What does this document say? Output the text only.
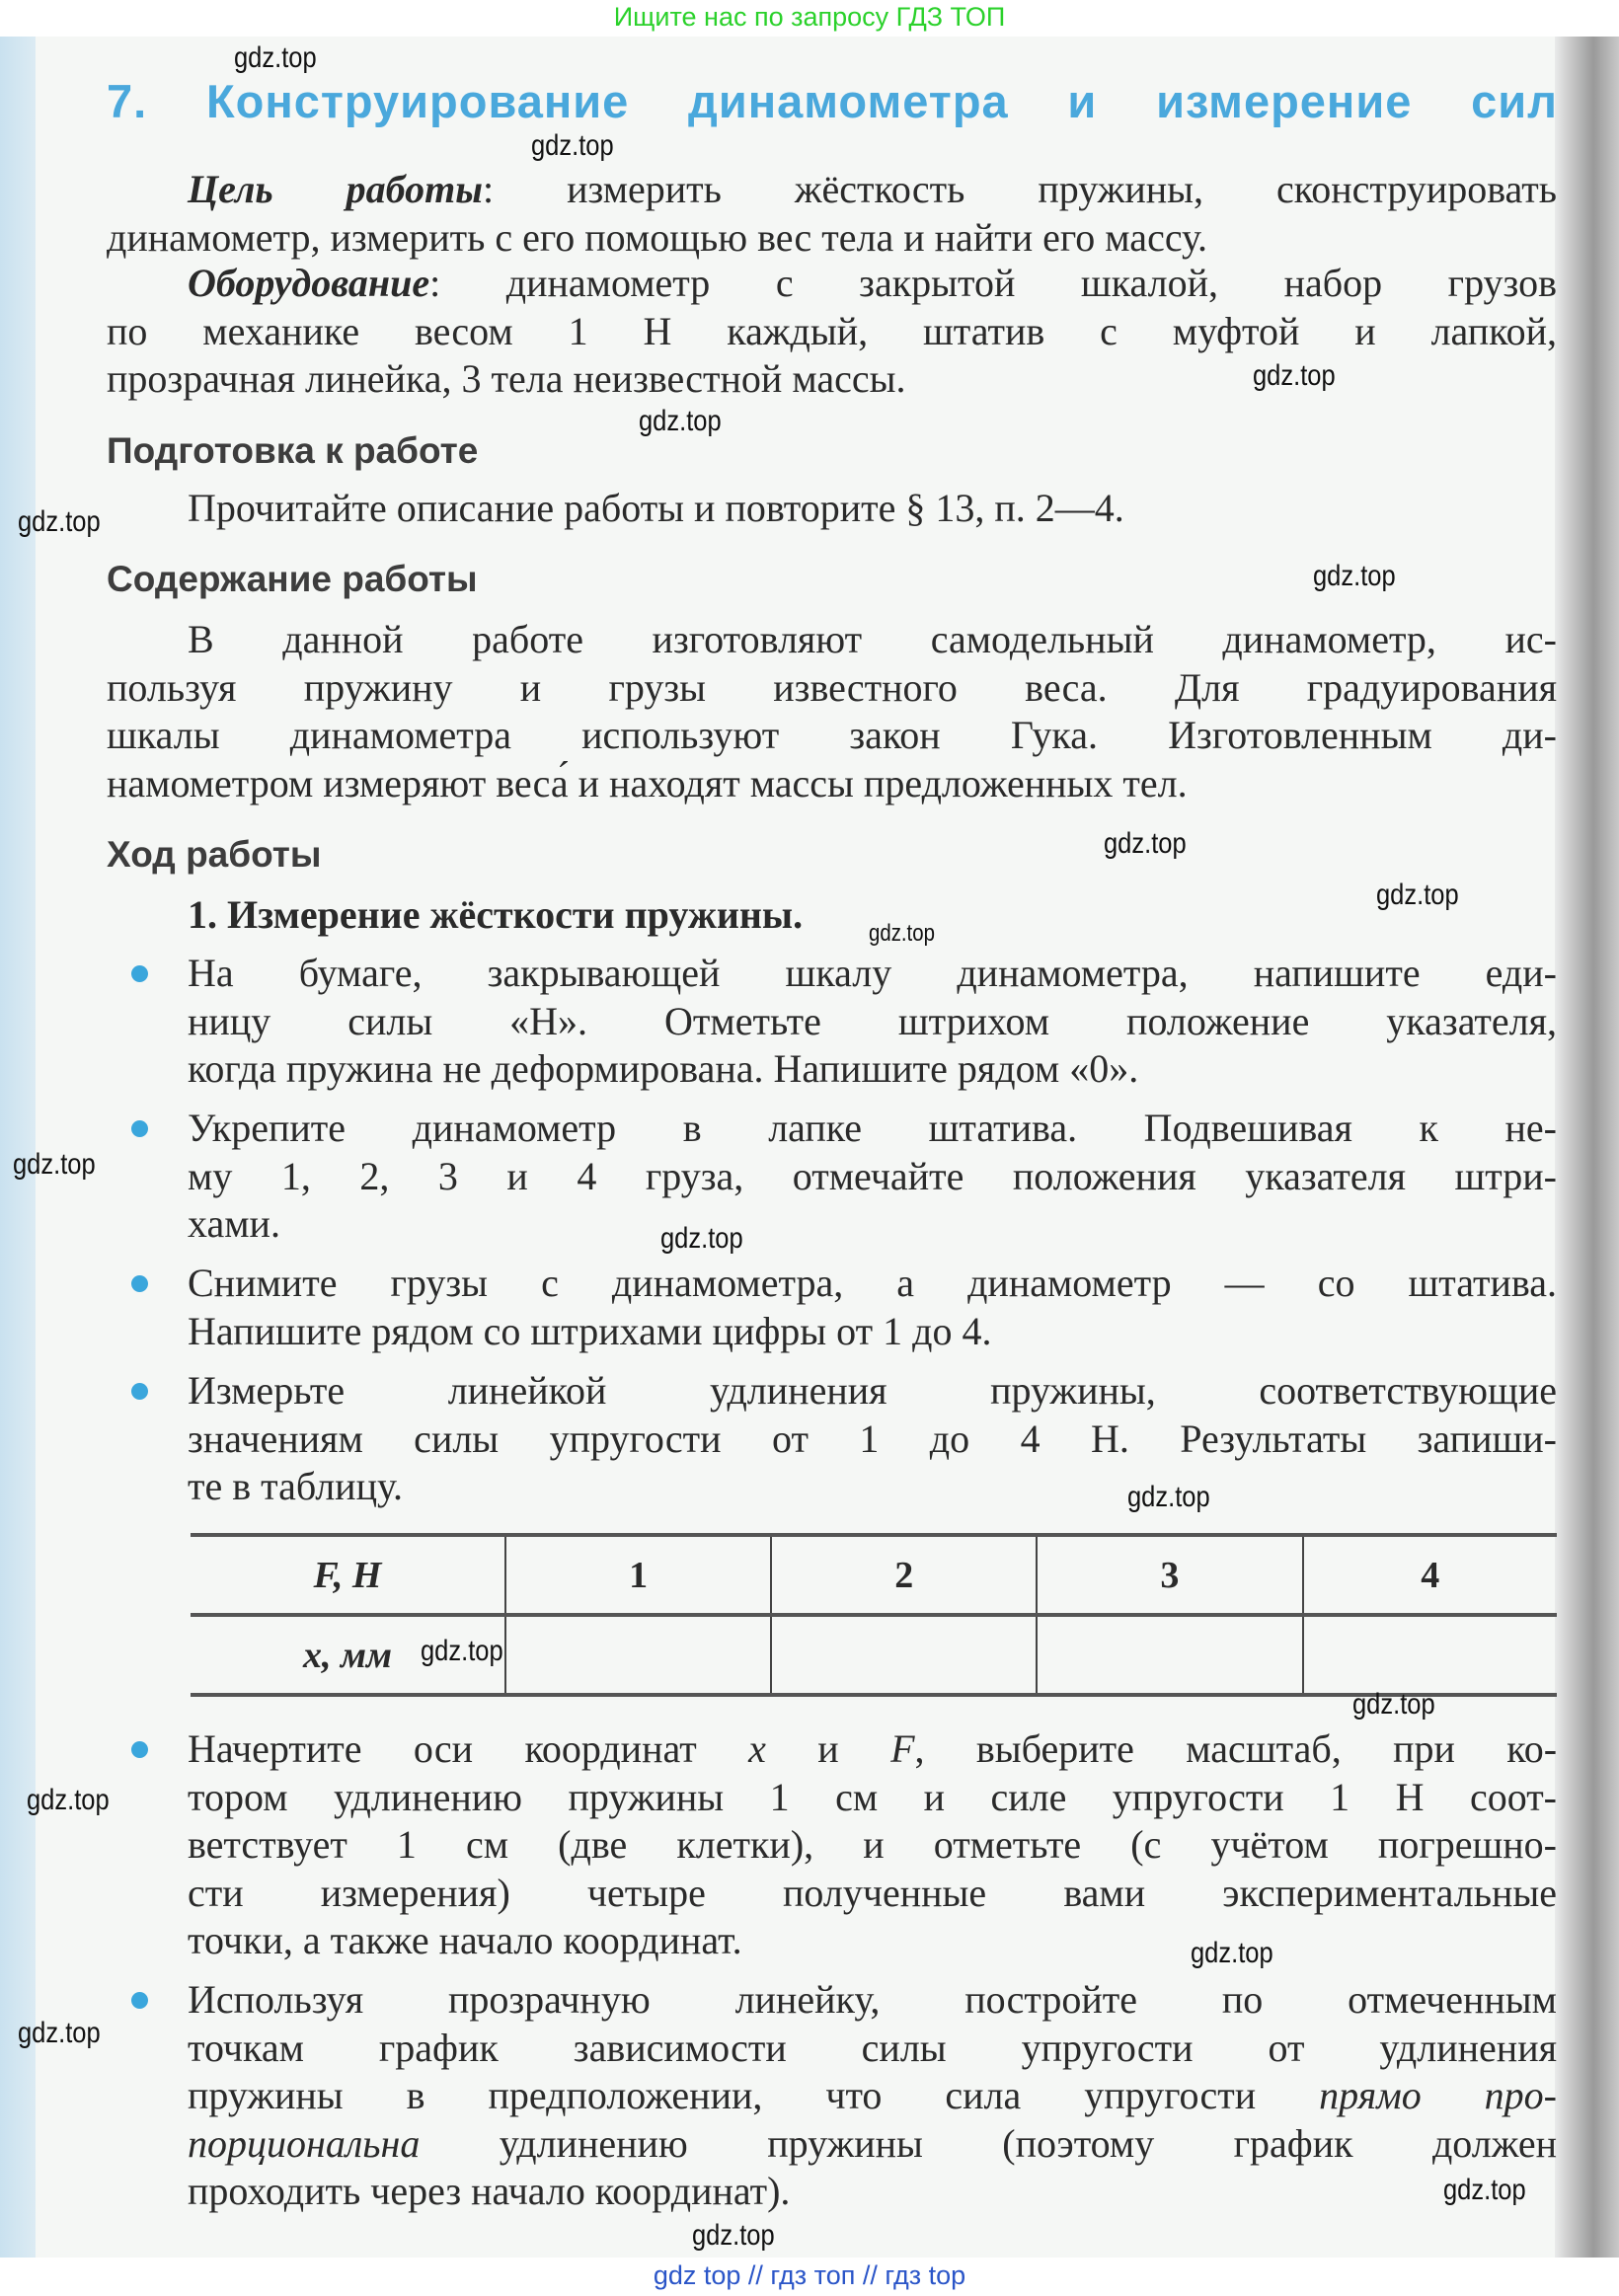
Ищите нас по запросу ГДЗ ТОП
7. Конструирование динамометра и измерение сил
Цель работы: измерить жёсткость пружины, сконструировать
динамометр, измерить с его помощью вес тела и найти его массу.
Оборудование: динамометр с закрытой шкалой, набор грузов
по механике весом 1 Н каждый, штатив с муфтой и лапкой,
прозрачная линейка, 3 тела неизвестной массы.
Подготовка к работе
Прочитайте описание работы и повторите § 13, п. 2—4.
Содержание работы
В данной работе изготовляют самодельный динамометр, ис-
пользуя пружину и грузы известного веса. Для градуирования
шкалы динамометра используют закон Гука. Изготовленным ди-
намометром измеряют веса́ и находят массы предложенных тел.
Ход работы
1. Измерение жёсткости пружины.
На бумаге, закрывающей шкалу динамометра, напишите еди-
ницу силы «Н». Отметьте штрихом положение указателя,
когда пружина не деформирована. Напишите рядом «0».
Укрепите динамометр в лапке штатива. Подвешивая к не-
му 1, 2, 3 и 4 груза, отмечайте положения указателя штри-
хами.
Снимите грузы с динамометра, а динамометр — со штатива.
Напишите рядом со штрихами цифры от 1 до 4.
Измерьте линейкой удлинения пружины, соответствующие
значениям силы упругости от 1 до 4 Н. Результаты запиши-
те в таблицу.
F, Н	1	2	3	4
x, мм				
Начертите оси координат x и F, выберите масштаб, при ко-
тором удлинению пружины 1 см и силе упругости 1 Н соот-
ветствует 1 см (две клетки), и отметьте (с учётом погрешно-
сти измерения) четыре полученные вами экспериментальные
точки, а также начало координат.
Используя прозрачную линейку, постройте по отмеченным
точкам график зависимости силы упругости от удлинения
пружины в предположении, что сила упругости прямо про-
порциональна удлинению пружины (поэтому график должен
проходить через начало координат).
gdz.top
gdz.top
gdz.top
gdz.top
gdz.top
gdz.top
gdz.top
gdz.top
gdz.top
gdz.top
gdz.top
gdz.top
gdz.top
gdz.top
gdz.top
gdz.top
gdz.top
gdz.top
gdz.top
gdz top // гдз топ // гдз top
